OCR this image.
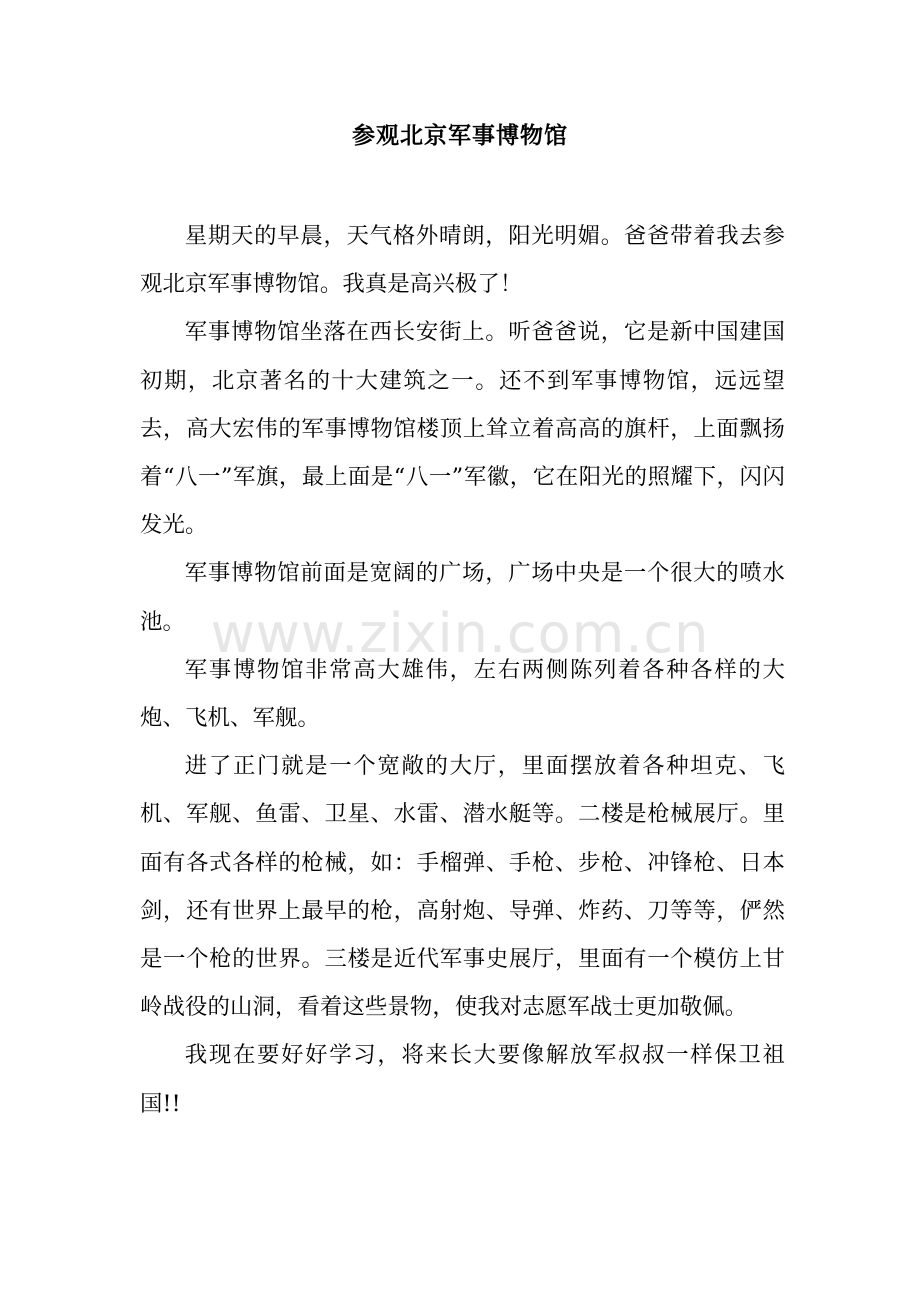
参观北京军事博物馆

星期天的早晨，天气格外晴朗，阳光明媚。爸爸带着我去参观北京军事博物馆。我真是高兴极了！

军事博物馆坐落在西长安街上。听爸爸说，它是新中国建国初期，北京著名的十大建筑之一。还不到军事博物馆，远远望去，高大宏伟的军事博物馆楼顶上耸立着高高的旗杆，上面飘扬着“八一”军旗，最上面是“八一”军徽，它在阳光的照耀下，闪闪发光。

军事博物馆前面是宽阔的广场，广场中央是一个很大的喷水池。

军事博物馆非常高大雄伟，左右两侧陈列着各种各样的大炮、飞机、军舰。

进了正门就是一个宽敞的大厅，里面摆放着各种坦克、飞机、军舰、鱼雷、卫星、水雷、潜水艇等。二楼是枪械展厅。里面有各式各样的枪械，如：手榴弹、手枪、步枪、冲锋枪、日本剑，还有世界上最早的枪，高射炮、导弹、炸药、刀等等，俨然是一个枪的世界。三楼是近代军事史展厅，里面有一个模仿上甘岭战役的山洞，看着这些景物，使我对志愿军战士更加敬佩。

我现在要好好学习，将来长大要像解放军叔叔一样保卫祖国!!

www.zixin.com.cn
